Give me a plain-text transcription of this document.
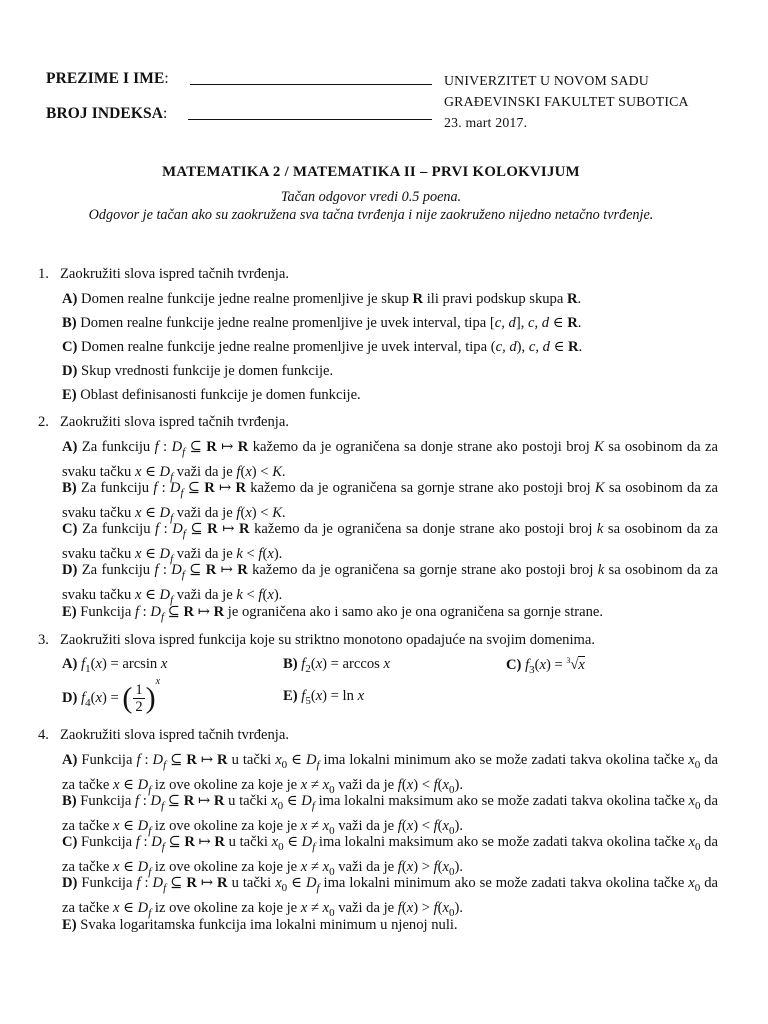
PREZIME I IME:
BROJ INDEKSA:
UNIVERZITET U NOVOM SADU
GRAĐEVINSKI FAKULTET SUBOTICA
23. mart 2017.
MATEMATIKA 2 / MATEMATIKA II – PRVI KOLOKVIJUM
Tačan odgovor vredi 0.5 poena.
Odgovor je tačan ako su zaokružena sva tačna tvrđenja i nije zaokruženo nijedno netačno tvrđenje.
1. Zaokružiti slova ispred tačnih tvrđenja.
A) Domen realne funkcije jedne realne promenljive je skup R ili pravi podskup skupa R.
B) Domen realne funkcije jedne realne promenljive je uvek interval, tipa [c, d], c, d ∈ R.
C) Domen realne funkcije jedne realne promenljive je uvek interval, tipa (c, d), c, d ∈ R.
D) Skup vrednosti funkcije je domen funkcije.
E) Oblast definisanosti funkcije je domen funkcije.
2. Zaokružiti slova ispred tačnih tvrđenja.
A) Za funkciju f : $D_f$ ⊆ R ↦ R kažemo da je ograničena sa donje strane ako postoji broj K sa osobinom da za svaku tačku x ∈ $D_f$ važi da je f(x) < K.
B) Za funkciju f : $D_f$ ⊆ R ↦ R kažemo da je ograničena sa gornje strane ako postoji broj K sa osobinom da za svaku tačku x ∈ $D_f$ važi da je f(x) < K.
C) Za funkciju f : $D_f$ ⊆ R ↦ R kažemo da je ograničena sa donje strane ako postoji broj k sa osobinom da za svaku tačku x ∈ $D_f$ važi da je k < f(x).
D) Za funkciju f : $D_f$ ⊆ R ↦ R kažemo da je ograničena sa gornje strane ako postoji broj k sa osobinom da za svaku tačku x ∈ $D_f$ važi da je k < f(x).
E) Funkcija f : $D_f$ ⊆ R ↦ R je ograničena ako i samo ako je ona ograničena sa gornje strane.
3. Zaokružiti slova ispred funkcija koje su striktno monotono opadajuće na svojim domenima.
A) $f_1(x) = \arcsin x$	B) $f_2(x) = \arccos x$	C) $f_3(x) = ^3√x$
D) $f_4(x)$ = ( $\frac{1}{2} )^x$
E) $f_5(x) = \ln x$
4. Zaokružiti slova ispred tačnih tvrđenja.
A) Funkcija f : $D_f$ ⊆ R ↦ R u tački $x_0$ ∈ $D_f$ ima lokalni minimum ako se može zadati takva okolina tačke $x_0$ da za tačke x ∈ $D_f$ iz ove okoline za koje je $x \ne x_0$ važi da je $f(x) < f(x_0)$.
B) Funkcija f : $D_f$ ⊆ R ↦ R u tački $x_0$ ∈ $D_f$ ima lokalni maksimum ako se može zadati takva okolina tačke $x_0$ da za tačke x ∈ $D_f$ iz ove okoline za koje je $x \ne x_0$ važi da je $f(x) < f(x_0)$.
C) Funkcija f : $D_f$ ⊆ R ↦ R u tački $x_0$ ∈ $D_f$ ima lokalni maksimum ako se može zadati takva okolina tačke $x_0$ da za tačke x ∈ $D_f$ iz ove okoline za koje je $x \ne x_0$ važi da je $f(x) > f(x_0)$.
D) Funkcija f : $D_f$ ⊆ R ↦ R u tački $x_0$ ∈ $D_f$ ima lokalni minimum ako se može zadati takva okolina tačke $x_0$ da za tačke x ∈ $D_f$ iz ove okoline za koje je $x \ne x_0$ važi da je $f(x) > f(x_0)$.
E) Svaka logaritamska funkcija ima lokalni minimum u njenoj nuli.
